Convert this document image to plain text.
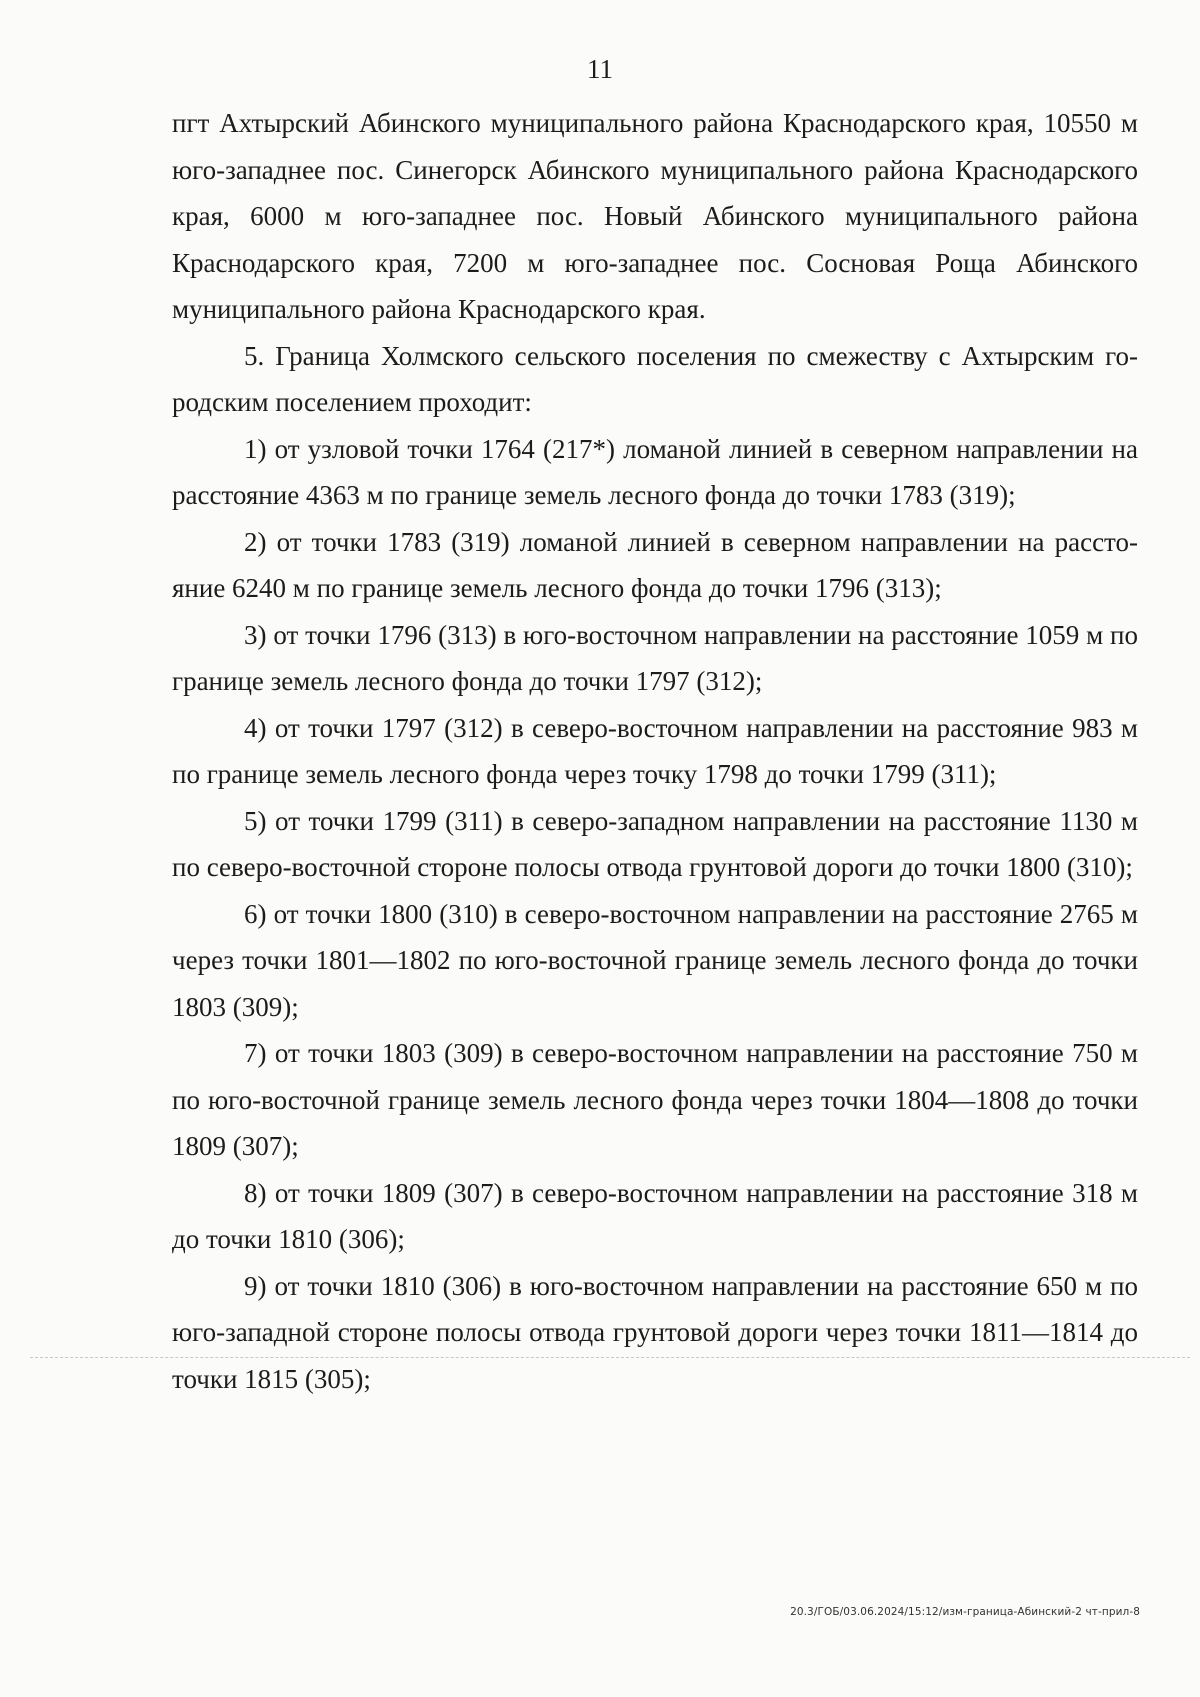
11

пгт Ахтырский Абинского муниципального района Краснодарского края, 10550 м юго-западнее пос. Синегорск Абинского муниципального района Краснодарского края, 6000 м юго-западнее пос. Новый Абинского муниципального района Краснодарского края, 7200 м юго-западнее пос. Сосновая Роща Абинского муниципального района Краснодарского края.

5. Граница Холмского сельского поселения по смежеству с Ахтырским городским поселением проходит:

1) от узловой точки 1764 (217*) ломаной линией в северном направлении на расстояние 4363 м по границе земель лесного фонда до точки 1783 (319);

2) от точки 1783 (319) ломаной линией в северном направлении на расстояние 6240 м по границе земель лесного фонда до точки 1796 (313);

3) от точки 1796 (313) в юго-восточном направлении на расстояние 1059 м по границе земель лесного фонда до точки 1797 (312);

4) от точки 1797 (312) в северо-восточном направлении на расстояние 983 м по границе земель лесного фонда через точку 1798 до точки 1799 (311);

5) от точки 1799 (311) в северо-западном направлении на расстояние 1130 м по северо-восточной стороне полосы отвода грунтовой дороги до точки 1800 (310);

6) от точки 1800 (310) в северо-восточном направлении на расстояние 2765 м через точки 1801—1802 по юго-восточной границе земель лесного фонда до точки 1803 (309);

7) от точки 1803 (309) в северо-восточном направлении на расстояние 750 м по юго-восточной границе земель лесного фонда через точки 1804—1808 до точки 1809 (307);

8) от точки 1809 (307) в северо-восточном направлении на расстояние 318 м до точки 1810 (306);

9) от точки 1810 (306) в юго-восточном направлении на расстояние 650 м по юго-западной стороне полосы отвода грунтовой дороги через точки 1811—1814 до точки 1815 (305);

20.3/ГОБ/03.06.2024/15:12/изм-граница-Абинский-2 чт-прил-8
